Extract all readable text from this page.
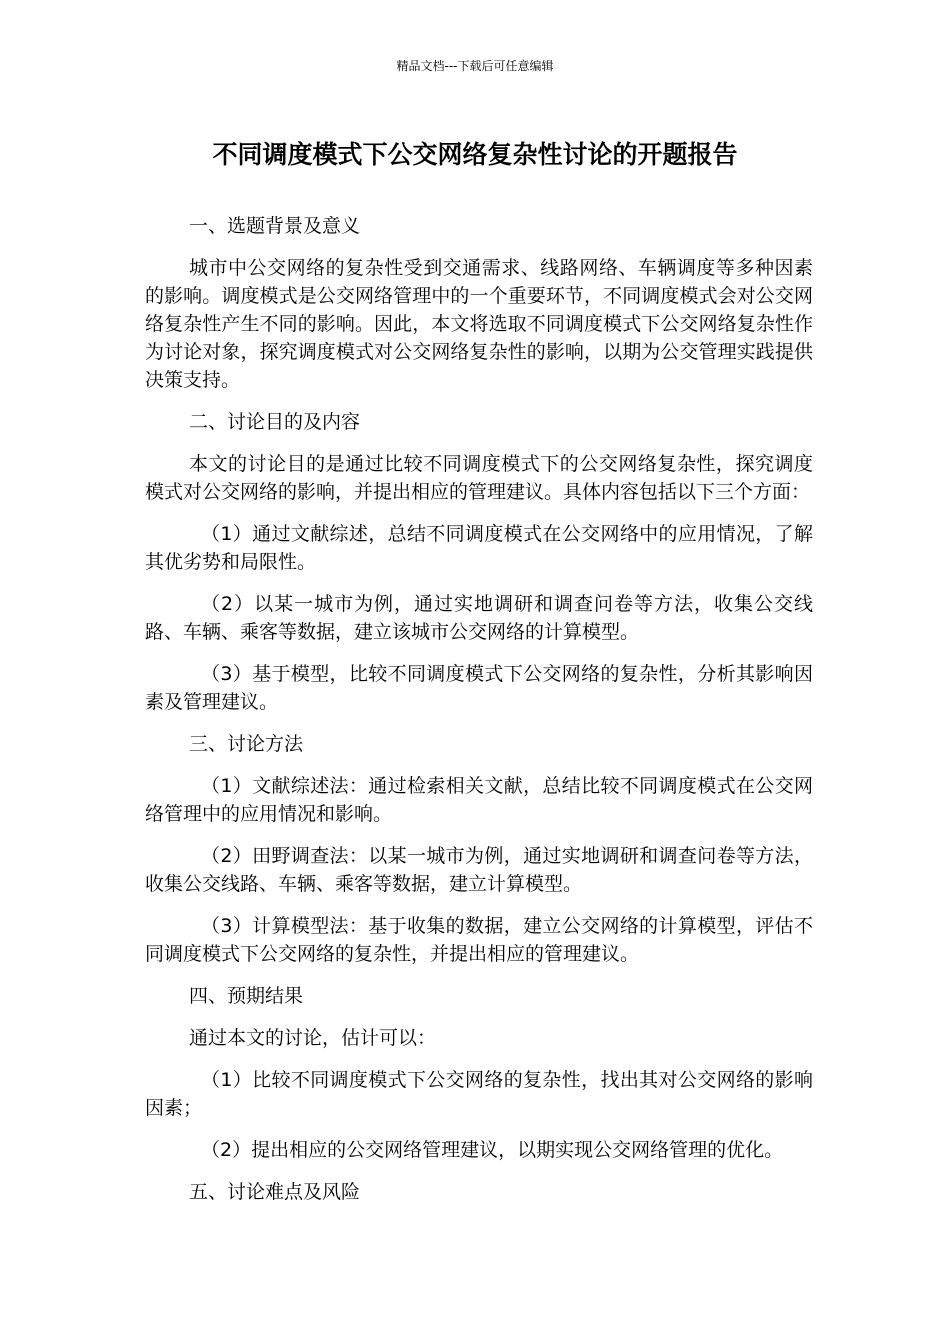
精品文档---下载后可任意编辑
不同调度模式下公交网络复杂性讨论的开题报告
一、选题背景及意义
城市中公交网络的复杂性受到交通需求、线路网络、车辆调度等多种因素的影响。调度模式是公交网络管理中的一个重要环节，不同调度模式会对公交网络复杂性产生不同的影响。因此，本文将选取不同调度模式下公交网络复杂性作为讨论对象，探究调度模式对公交网络复杂性的影响，以期为公交管理实践提供决策支持。
二、讨论目的及内容
本文的讨论目的是通过比较不同调度模式下的公交网络复杂性，探究调度模式对公交网络的影响，并提出相应的管理建议。具体内容包括以下三个方面：
（1）通过文献综述，总结不同调度模式在公交网络中的应用情况，了解其优劣势和局限性。
（2）以某一城市为例，通过实地调研和调查问卷等方法，收集公交线路、车辆、乘客等数据，建立该城市公交网络的计算模型。
（3）基于模型，比较不同调度模式下公交网络的复杂性，分析其影响因素及管理建议。
三、讨论方法
（1）文献综述法：通过检索相关文献，总结比较不同调度模式在公交网络管理中的应用情况和影响。
（2）田野调查法：以某一城市为例，通过实地调研和调查问卷等方法，收集公交线路、车辆、乘客等数据，建立计算模型。
（3）计算模型法：基于收集的数据，建立公交网络的计算模型，评估不同调度模式下公交网络的复杂性，并提出相应的管理建议。
四、预期结果
通过本文的讨论，估计可以：
（1）比较不同调度模式下公交网络的复杂性，找出其对公交网络的影响因素；
（2）提出相应的公交网络管理建议，以期实现公交网络管理的优化。
五、讨论难点及风险
